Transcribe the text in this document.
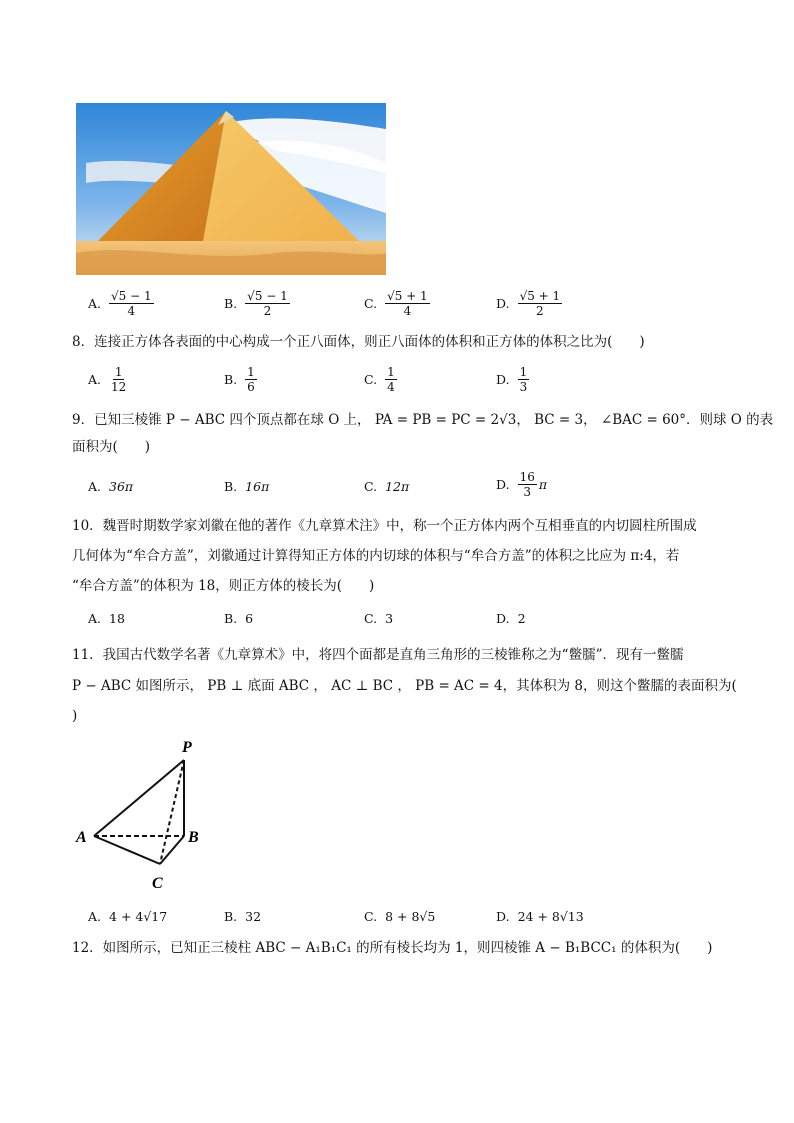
A. $\frac{√5 - 1}{4}$	B. $\frac{√5 - 1}{2}$	C. $\frac{√5 + 1}{4}$	D. $\frac{√5 + 1}{2}$
8．连接正方体各表面的中心构成一个正八面体，则正八面体的体积和正方体的体积之比为(　　)
A. $\frac{1}{12}$	B. $\frac{1}{6}$	C. $\frac{1}{4}$	D. $\frac{1}{3}$
9．已知三棱锥 P − ABC 四个顶点都在球 O 上， PA = PB = PC = 2√3， BC = 3， ∠BAC = 60°．则球 O 的表
面积为(　　)
A. 36π	B. 16π	C. 12π	D. $\frac{16}{3}$ π
10．魏晋时期数学家刘徽在他的著作《九章算术注》中，称一个正方体内两个互相垂直的内切圆柱所围成
几何体为“牟合方盖”，刘徽通过计算得知正方体的内切球的体积与“牟合方盖”的体积之比应为 π:4，若
“牟合方盖”的体积为 18，则正方体的棱长为(　　)
A. 18	B. 6	C. 3	D. 2
11．我国古代数学名著《九章算术》中，将四个面都是直角三角形的三棱锥称之为“鳖臑”．现有一鳖臑
P − ABC 如图所示， PB ⊥ 底面 ABC ， AC ⊥ BC ， PB = AC = 4，其体积为 8，则这个鳖臑的表面积为(
)
P
A	B
C
A. 4 + 4√17	B. 32	C. 8 + 8√5	D. 24 + 8√13
12．如图所示，已知正三棱柱 ABC − A₁B₁C₁ 的所有棱长均为 1，则四棱锥 A − B₁BCC₁ 的体积为(　　)
